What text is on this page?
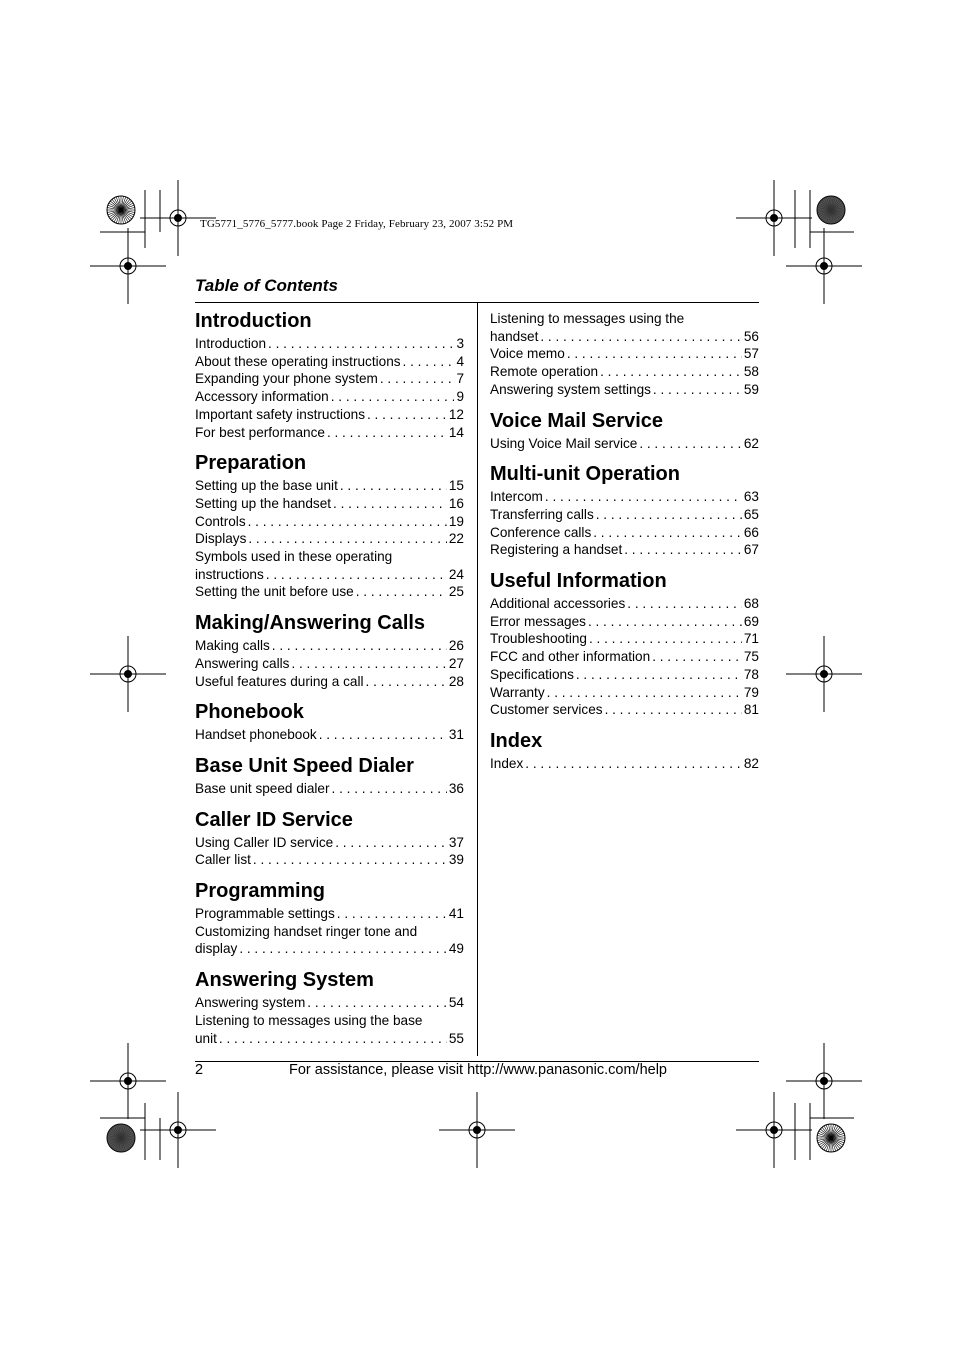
TG5771_5776_5777.book Page 2 Friday, February 23, 2007 3:52 PM
Table of Contents
Introduction
Introduction . . .	3
About these operating instructions . . .	4
Expanding your phone system . . .	7
Accessory information . . .	9
Important safety instructions . . .	12
For best performance . . .	14
Preparation
Setting up the base unit . . .	15
Setting up the handset . . .	16
Controls . . .	19
Displays . . .	22
Symbols used in these operating
instructions . . .	24
Setting the unit before use . . .	25
Making/Answering Calls
Making calls . . .	26
Answering calls . . .	27
Useful features during a call . . .	28
Phonebook
Handset phonebook . . .	31
Base Unit Speed Dialer
Base unit speed dialer . . .	36
Caller ID Service
Using Caller ID service . . .	37
Caller list . . .	39
Programming
Programmable settings . . .	41
Customizing handset ringer tone and
display . . .	49
Answering System
Answering system . . .	54
Listening to messages using the base
unit . . .	55
Listening to messages using the
handset . . .	56
Voice memo . . .	57
Remote operation . . .	58
Answering system settings . . .	59
Voice Mail Service
Using Voice Mail service . . .	62
Multi-unit Operation
Intercom . . .	63
Transferring calls . . .	65
Conference calls . . .	66
Registering a handset . . .	67
Useful Information
Additional accessories . . .	68
Error messages . . .	69
Troubleshooting . . .	71
FCC and other information . . .	75
Specifications . . .	78
Warranty . . .	79
Customer services . . .	81
Index
Index . . .	82
2	For assistance, please visit http://www.panasonic.com/help
